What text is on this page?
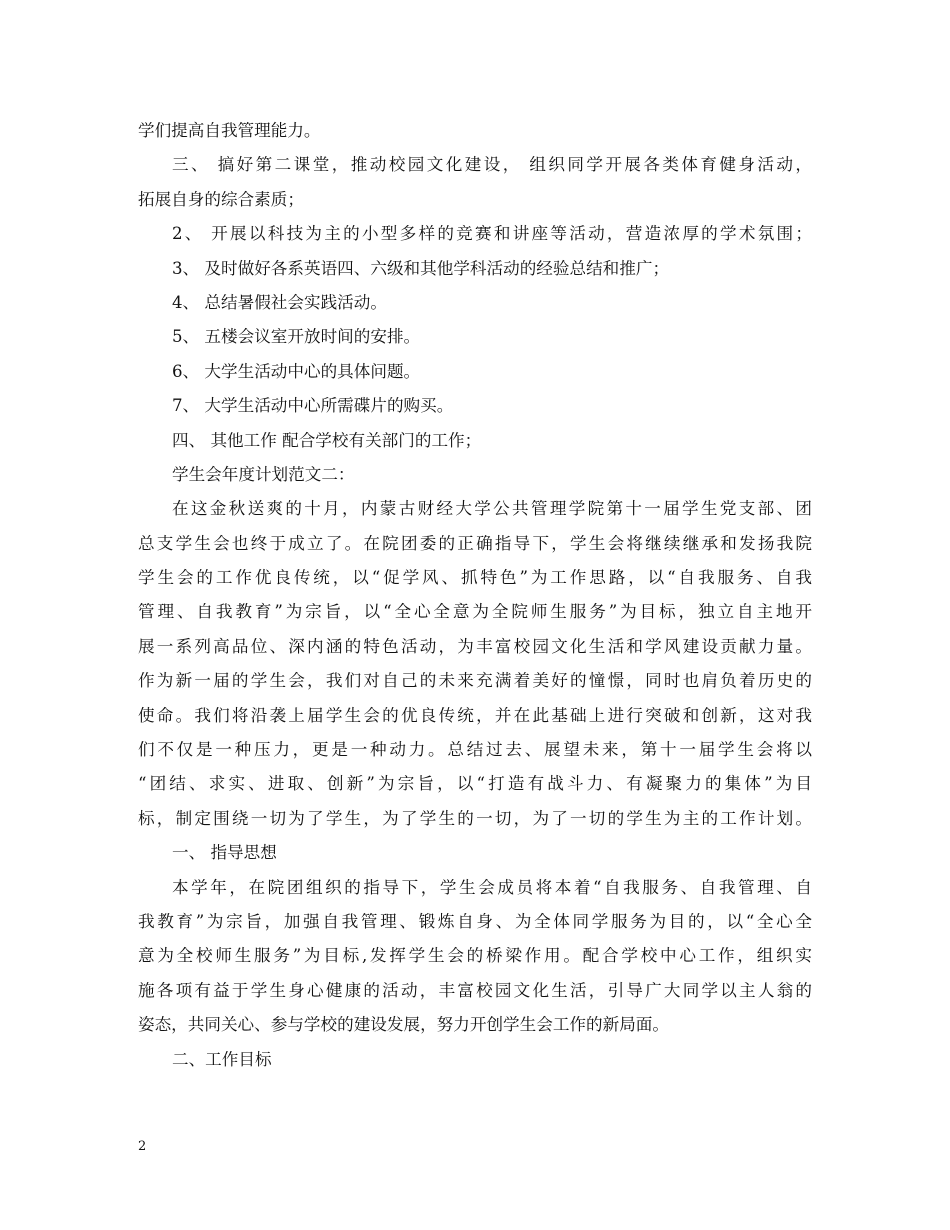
学们提高自我管理能力。
三、 搞好第二课堂，推动校园文化建设， 组织同学开展各类体育健身活动，
拓展自身的综合素质；
2、 开展以科技为主的小型多样的竞赛和讲座等活动，营造浓厚的学术氛围；
3、 及时做好各系英语四、六级和其他学科活动的经验总结和推广；
4、 总结暑假社会实践活动。
5、 五楼会议室开放时间的安排。
6、 大学生活动中心的具体问题。
7、 大学生活动中心所需碟片的购买。
四、 其他工作 配合学校有关部门的工作；
学生会年度计划范文二：
在这金秋送爽的十月，内蒙古财经大学公共管理学院第十一届学生党支部、团
总支学生会也终于成立了。在院团委的正确指导下，学生会将继续继承和发扬我院
学生会的工作优良传统，以“促学风、抓特色”为工作思路，以“自我服务、自我
管理、自我教育”为宗旨，以“全心全意为全院师生服务”为目标，独立自主地开
展一系列高品位、深内涵的特色活动，为丰富校园文化生活和学风建设贡献力量。
作为新一届的学生会，我们对自己的未来充满着美好的憧憬，同时也肩负着历史的
使命。我们将沿袭上届学生会的优良传统，并在此基础上进行突破和创新，这对我
们不仅是一种压力，更是一种动力。总结过去、展望未来，第十一届学生会将以
“团结、求实、进取、创新”为宗旨，以“打造有战斗力、有凝聚力的集体”为目
标，制定围绕一切为了学生，为了学生的一切，为了一切的学生为主的工作计划。
一、 指导思想
本学年，在院团组织的指导下，学生会成员将本着“自我服务、自我管理、自
我教育”为宗旨，加强自我管理、锻炼自身、为全体同学服务为目的，以“全心全
意为全校师生服务”为目标,发挥学生会的桥梁作用。配合学校中心工作，组织实
施各项有益于学生身心健康的活动，丰富校园文化生活，引导广大同学以主人翁的
姿态，共同关心、参与学校的建设发展，努力开创学生会工作的新局面。
二、工作目标
2
